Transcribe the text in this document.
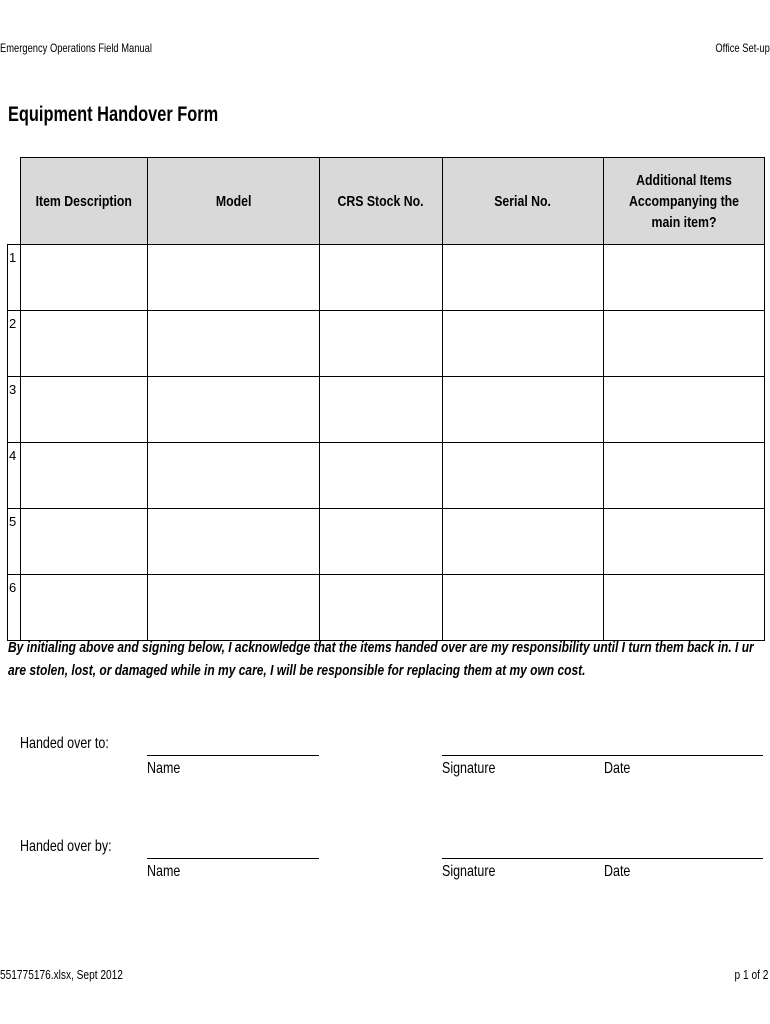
Emergency Operations Field Manual	Office Set-up
Equipment Handover Form
	Item Description	Model	CRS Stock No.	Serial No.	Additional Items Accompanying the main item?
1					
2					
3					
4					
5					
6					
By initialing above and signing below, I acknowledge that the items handed over are my responsibility until I turn them back in. I ur
are stolen, lost, or damaged while in my care, I will be responsible for replacing them at my own cost.
Handed over to:
Name	Signature	Date
Handed over by:
Name	Signature	Date
551775176.xlsx, Sept 2012	p 1 of 2
